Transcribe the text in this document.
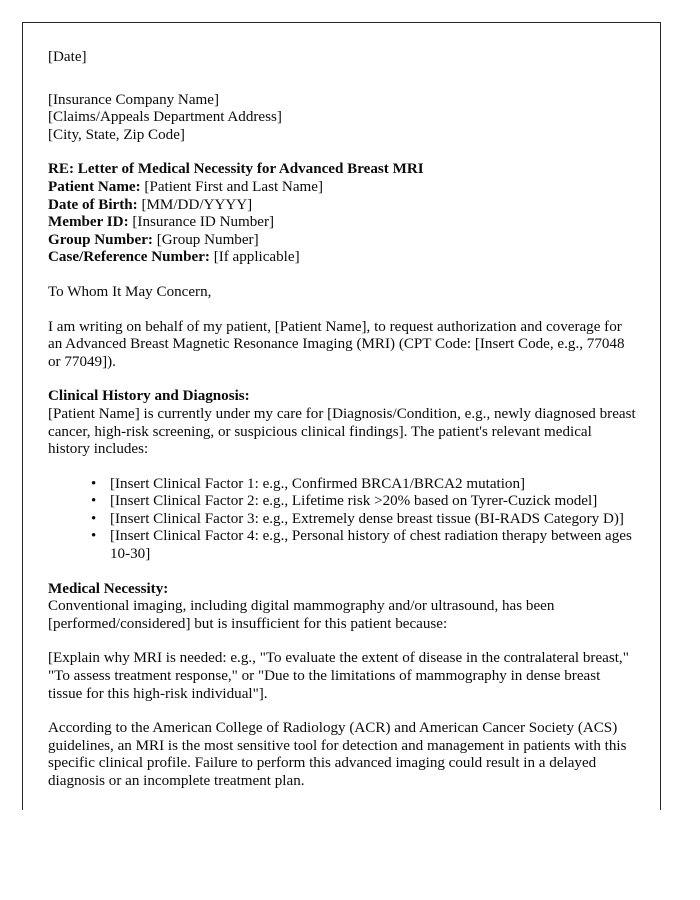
[Date]
[Insurance Company Name]
[Claims/Appeals Department Address]
[City, State, Zip Code]
RE: Letter of Medical Necessity for Advanced Breast MRI
Patient Name: [Patient First and Last Name]
Date of Birth: [MM/DD/YYYY]
Member ID: [Insurance ID Number]
Group Number: [Group Number]
Case/Reference Number: [If applicable]
To Whom It May Concern,

I am writing on behalf of my patient, [Patient Name], to request authorization and coverage for an Advanced Breast Magnetic Resonance Imaging (MRI) (CPT Code: [Insert Code, e.g., 77048 or 77049]).

Clinical History and Diagnosis:

[Patient Name] is currently under my care for [Diagnosis/Condition, e.g., newly diagnosed breast cancer, high-risk screening, or suspicious clinical findings]. The patient's relevant medical history includes:

• [Insert Clinical Factor 1: e.g., Confirmed BRCA1/BRCA2 mutation]
• [Insert Clinical Factor 2: e.g., Lifetime risk >20% based on Tyrer-Cuzick model]
• [Insert Clinical Factor 3: e.g., Extremely dense breast tissue (BI-RADS Category D)]
• [Insert Clinical Factor 4: e.g., Personal history of chest radiation therapy between ages 10-30]
Medical Necessity:

Conventional imaging, including digital mammography and/or ultrasound, has been [performed/considered] but is insufficient for this patient because:

[Explain why MRI is needed: e.g., "To evaluate the extent of disease in the contralateral breast," "To assess treatment response," or "Due to the limitations of mammography in dense breast tissue for this high-risk individual"].

According to the American College of Radiology (ACR) and American Cancer Society (ACS) guidelines, an MRI is the most sensitive tool for detection and management in patients with this specific clinical profile. Failure to perform this advanced imaging could result in a delayed diagnosis or an incomplete treatment plan.
